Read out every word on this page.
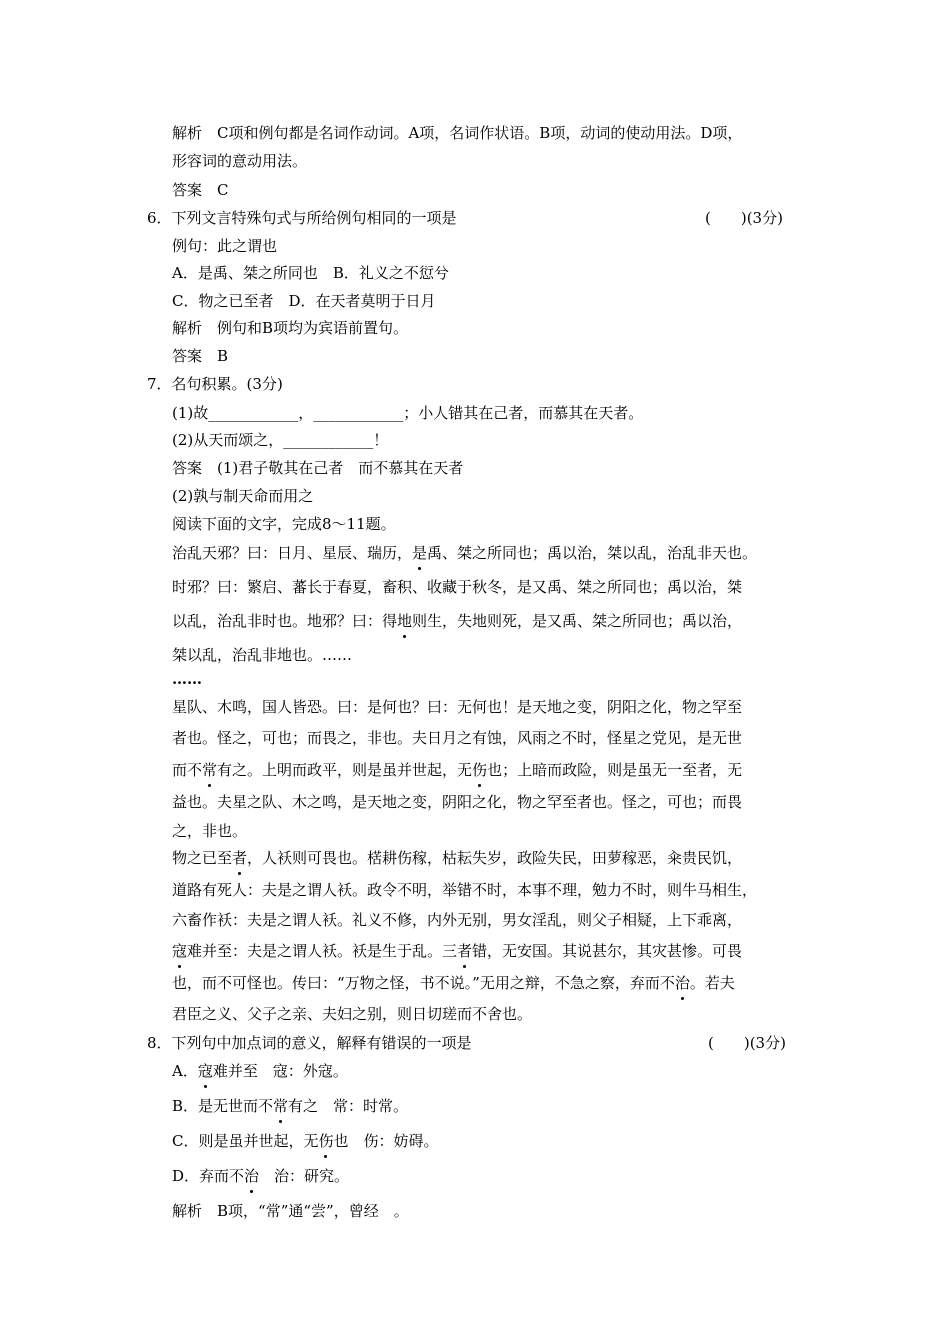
解析　C项和例句都是名词作动词。A项，名词作状语。B项，动词的使动用法。D项，
形容词的意动用法。
答案　C
6．下列文言特殊句式与所给例句相同的一项是	(　　)(3分)
例句：此之谓也
A．是禹、桀之所同也　B．礼义之不愆兮
C．物之已至者　D．在天者莫明于日月
解析　例句和B项均为宾语前置句。
答案　B
7．名句积累。(3分)
(1)故____________，____________；小人错其在己者，而慕其在天者。
(2)从天而颂之，____________！
答案　(1)君子敬其在己者　而不慕其在天者
(2)孰与制天命而用之
阅读下面的文字，完成8～11题。
治乱天邪？曰：日月、星辰、瑞历，是禹、桀之所同也；禹以治，桀以乱，治乱非天也。
时邪？曰：繁启、蕃长于春夏，畜积、收藏于秋冬，是又禹、桀之所同也；禹以治，桀
以乱，治乱非时也。地邪？曰：得地则生，失地则死，是又禹、桀之所同也；禹以治，
桀以乱，治乱非地也。……
……
星队、木鸣，国人皆恐。曰：是何也？曰：无何也！是天地之变，阴阳之化，物之罕至
者也。怪之，可也；而畏之，非也。夫日月之有蚀，风雨之不时，怪星之党见，是无世
而不常有之。上明而政平，则是虽并世起，无伤也；上暗而政险，则是虽无一至者，无
益也。夫星之队、木之鸣，是天地之变，阴阳之化，物之罕至者也。怪之，可也；而畏
之，非也。
物之已至者，人袄则可畏也。楛耕伤稼，枯耘失岁，政险失民，田萝稼恶，籴贵民饥，
道路有死人：夫是之谓人袄。政令不明，举错不时，本事不理，勉力不时，则牛马相生，
六畜作袄：夫是之谓人袄。礼义不修，内外无别，男女淫乱，则父子相疑，上下乖离，
寇难并至：夫是之谓人袄。袄是生于乱。三者错，无安国。其说甚尔，其灾甚惨。可畏
也，而不可怪也。传曰：“万物之怪，书不说。”无用之辩，不急之察，弃而不治。若夫
君臣之义、父子之亲、夫妇之别，则日切瑳而不舍也。
8．下列句中加点词的意义，解释有错误的一项是	(　　)(3分)
A．寇难并至　寇：外寇。
B．是无世而不常有之　常：时常。
C．则是虽并世起，无伤也　伤：妨碍。
D．弃而不治　治：研究。
解析　B项，“常”通“尝”，曾经　。
